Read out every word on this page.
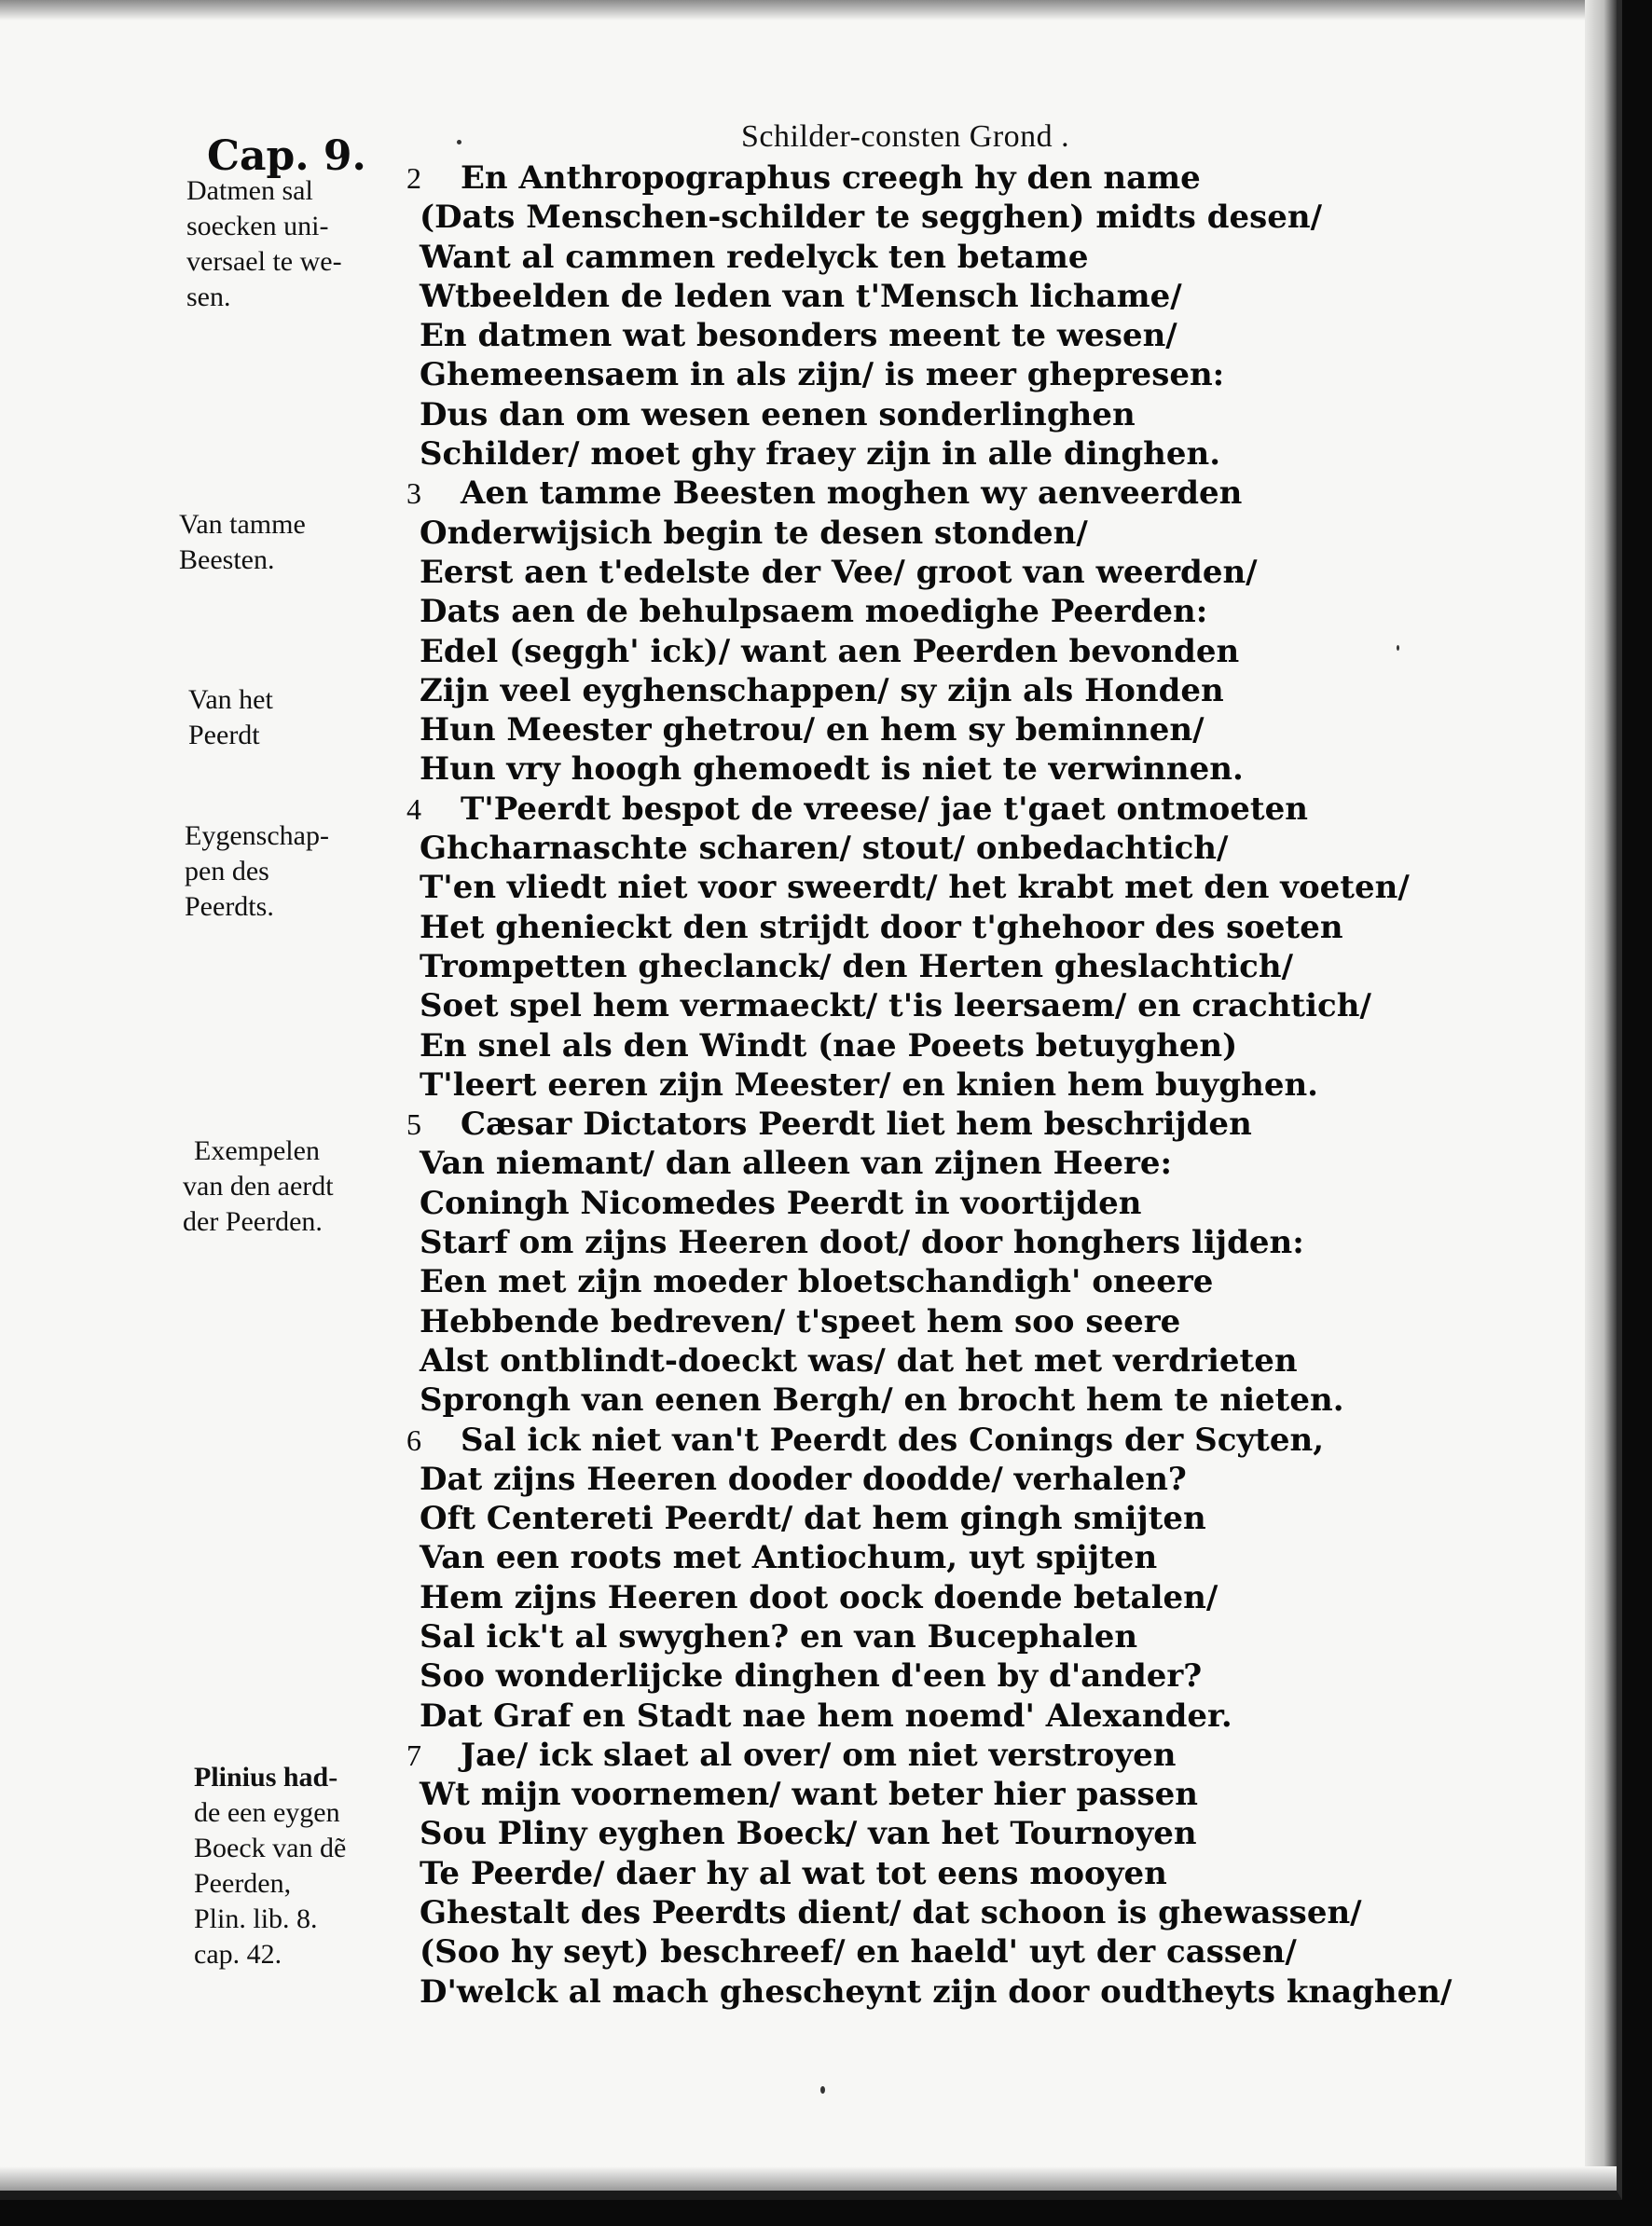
Schilder-consten Grond .
Cap. 9.
Datmen sal
soecken uni-
versael te we-
sen.
Van tamme
Beesten.
Van het
Peerdt
Eygenschap-
pen des
Peerdts.
Exempelen
van den aerdt
der Peerden.
Plinius had-
de een eygen
Boeck van dẽ
Peerden,
Plin. lib. 8.
cap. 42.
2 En Anthropographus creegh hy den name
(Dats Menschen-schilder te segghen) midts desen/
Want al cammen redelyck ten betame
Wtbeelden de leden van t'Mensch lichame/
En datmen wat besonders meent te wesen/
Ghemeensaem in als zijn/ is meer ghepresen:
Dus dan om wesen eenen sonderlinghen
Schilder/ moet ghy fraey zijn in alle dinghen.
3 Aen tamme Beesten moghen wy aenveerden
Onderwijsich begin te desen stonden/
Eerst aen t'edelste der Vee/ groot van weerden/
Dats aen de behulpsaem moedighe Peerden:
Edel (seggh' ick)/ want aen Peerden bevonden
Zijn veel eyghenschappen/ sy zijn als Honden
Hun Meester ghetrou/ en hem sy beminnen/
Hun vry hoogh ghemoedt is niet te verwinnen.
4 T'Peerdt bespot de vreese/ jae t'gaet ontmoeten
Ghcharnaschte scharen/ stout/ onbedachtich/
T'en vliedt niet voor sweerdt/ het krabt met den voeten/
Het ghenieckt den strijdt door t'ghehoor des soeten
Trompetten gheclanck/ den Herten gheslachtich/
Soet spel hem vermaeckt/ t'is leersaem/ en crachtich/
En snel als den Windt (nae Poeets betuyghen)
T'leert eeren zijn Meester/ en knien hem buyghen.
5 Cæsar Dictators Peerdt liet hem beschrijden
Van niemant/ dan alleen van zijnen Heere:
Coningh Nicomedes Peerdt in voortijden
Starf om zijns Heeren doot/ door honghers lijden:
Een met zijn moeder bloetschandigh' oneere
Hebbende bedreven/ t'speet hem soo seere
Alst ontblindt-doeckt was/ dat het met verdrieten
Sprongh van eenen Bergh/ en brocht hem te nieten.
6 Sal ick niet van't Peerdt des Conings der Scyten,
Dat zijns Heeren dooder doodde/ verhalen?
Oft Centereti Peerdt/ dat hem gingh smijten
Van een roots met Antiochum, uyt spijten
Hem zijns Heeren doot oock doende betalen/
Sal ick't al swyghen? en van Bucephalen
Soo wonderlijcke dinghen d'een by d'ander?
Dat Graf en Stadt nae hem noemd' Alexander.
7 Jae/ ick slaet al over/ om niet verstroyen
Wt mijn voornemen/ want beter hier passen
Sou Pliny eyghen Boeck/ van het Tournoyen
Te Peerde/ daer hy al wat tot eens mooyen
Ghestalt des Peerdts dient/ dat schoon is ghewassen/
(Soo hy seyt) beschreef/ en haeld' uyt der cassen/
D'welck al mach ghescheynt zijn door oudtheyts knaghen/
